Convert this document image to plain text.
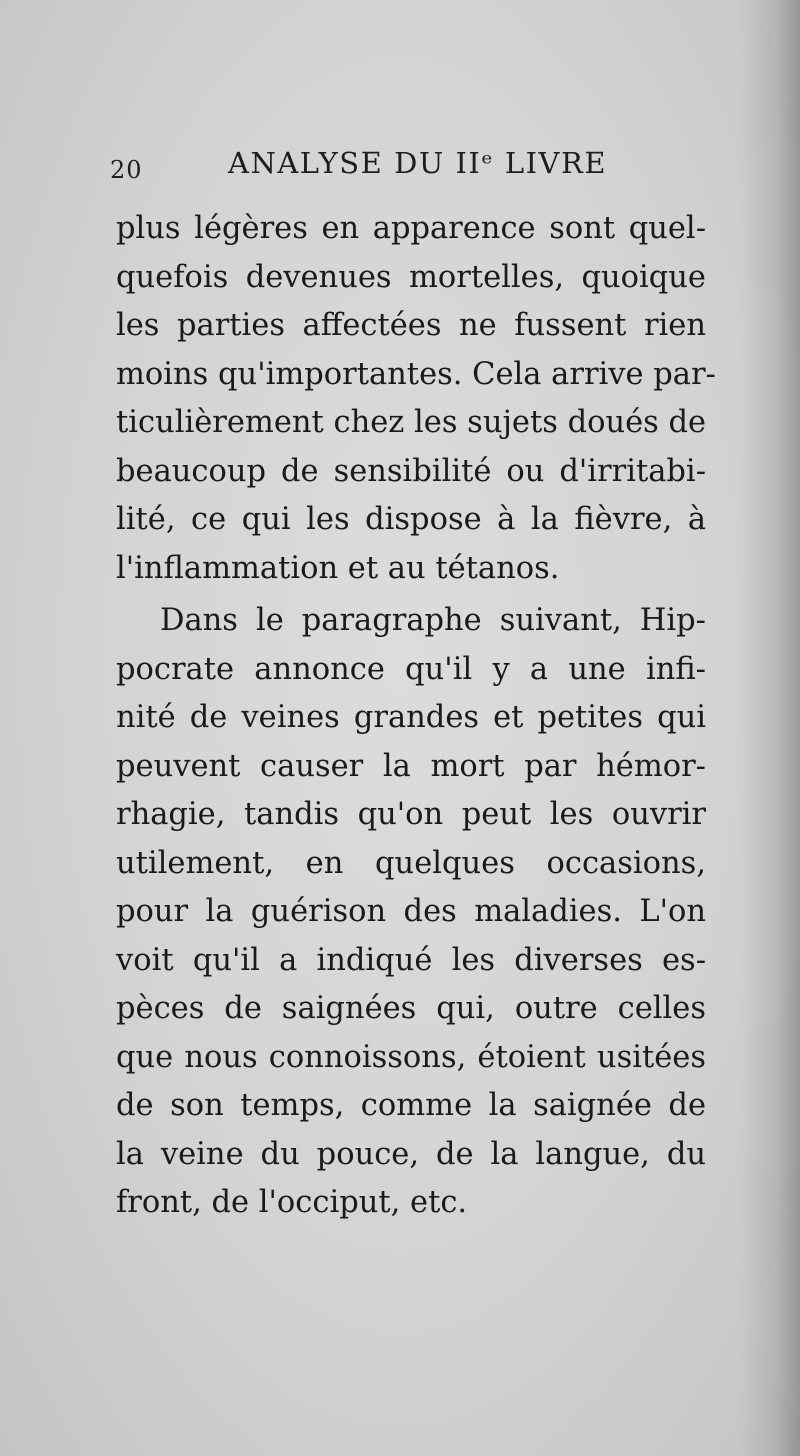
20	ANALYSE DU IIᵉ LIVRE
plus légères en apparence sont quel-
quefois devenues mortelles, quoique
les parties affectées ne fussent rien
moins qu'importantes. Cela arrive par-
ticulièrement chez les sujets doués de
beaucoup de sensibilité ou d'irritabi-
lité, ce qui les dispose à la fièvre, à
l'inflammation et au tétanos.
Dans le paragraphe suivant, Hip-
pocrate annonce qu'il y a une infi-
nité de veines grandes et petites qui
peuvent causer la mort par hémor-
rhagie, tandis qu'on peut les ouvrir
utilement, en quelques occasions,
pour la guérison des maladies. L'on
voit qu'il a indiqué les diverses es-
pèces de saignées qui, outre celles
que nous connoissons, étoient usitées
de son temps, comme la saignée de
la veine du pouce, de la langue, du
front, de l'occiput, etc.
